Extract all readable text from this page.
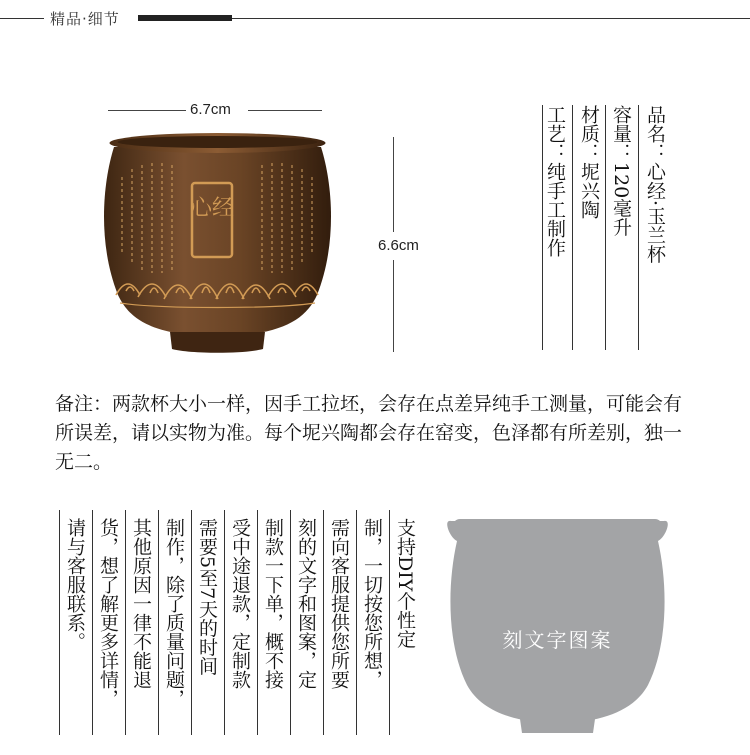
精品·细节
心经
6.7cm
6.6cm	工艺：纯手工制作 材质：坭兴陶 容量：120毫升 品名：心经·玉兰杯
备注：两款杯大小一样，因手工拉坯，会存在点差异纯手工测量，可能会有所误差，请以实物为准。每个坭兴陶都会存在窑变，色泽都有所差别，独一无二。
支持DIY个性定
制，一切按您所想，
需向客服提供您所要
刻的文字和图案，定
制款一下单，概不接
受中途退款，定制款
需要5至7天的时间
制作，除了质量问题，
其他原因一律不能退
货，想了解更多详情，
请与客服联系。	刻文字图案
